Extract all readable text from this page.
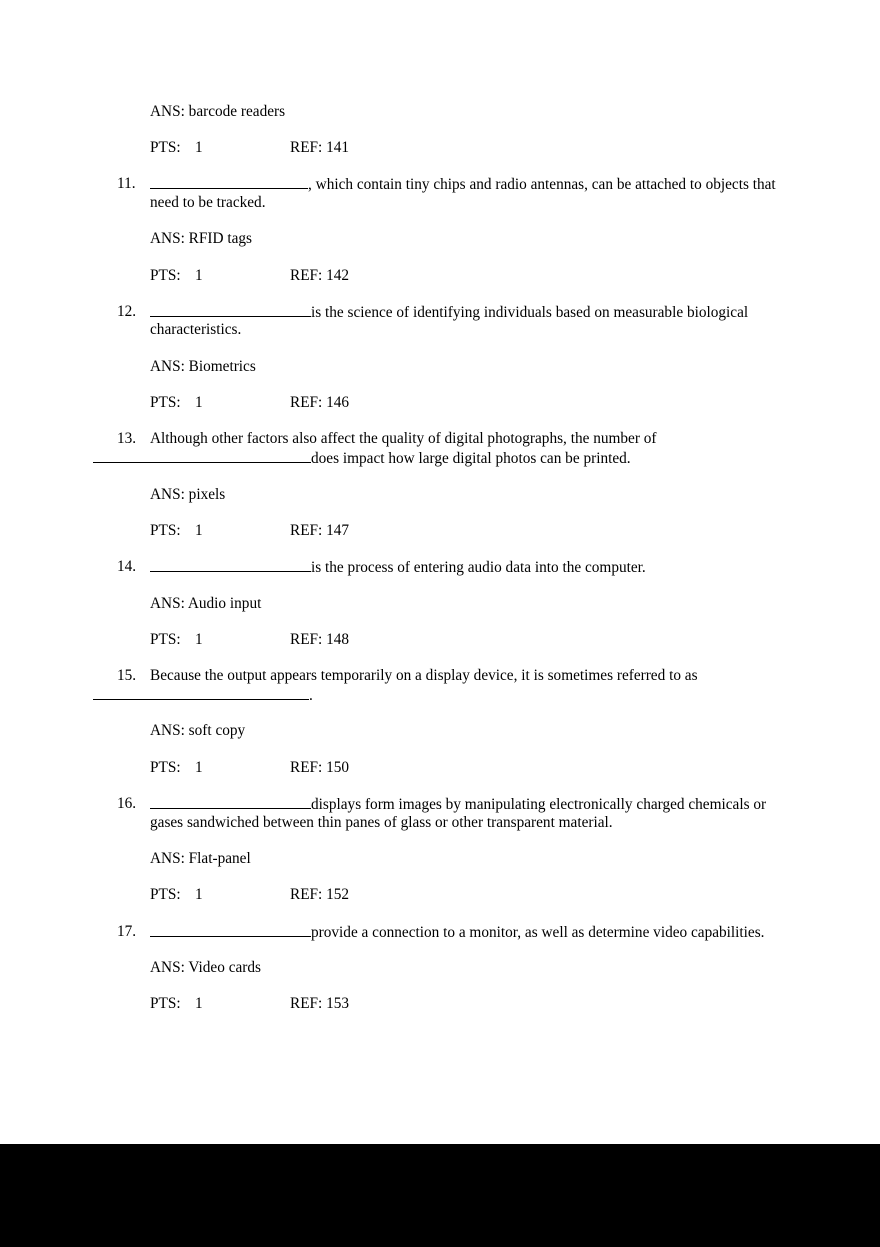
ANS: barcode readers
PTS: 1	REF: 141
11.	, which contain tiny chips and radio antennas, can be attached to objects that
need to be tracked.
ANS: RFID tags
PTS: 1	REF: 142
12.	is the science of identifying individuals based on measurable biological
characteristics.
ANS: Biometrics
PTS: 1	REF: 146
13. Although other factors also affect the quality of digital photographs, the number of
does impact how large digital photos can be printed.
ANS: pixels
PTS: 1	REF: 147
14.	is the process of entering audio data into the computer.
ANS: Audio input
PTS: 1	REF: 148
15. Because the output appears temporarily on a display device, it is sometimes referred to as
.
ANS: soft copy
PTS: 1	REF: 150
16.	displays form images by manipulating electronically charged chemicals or
gases sandwiched between thin panes of glass or other transparent material.
ANS: Flat-panel
PTS: 1	REF: 152
17.	provide a connection to a monitor, as well as determine video capabilities.
ANS: Video cards
PTS: 1	REF: 153
